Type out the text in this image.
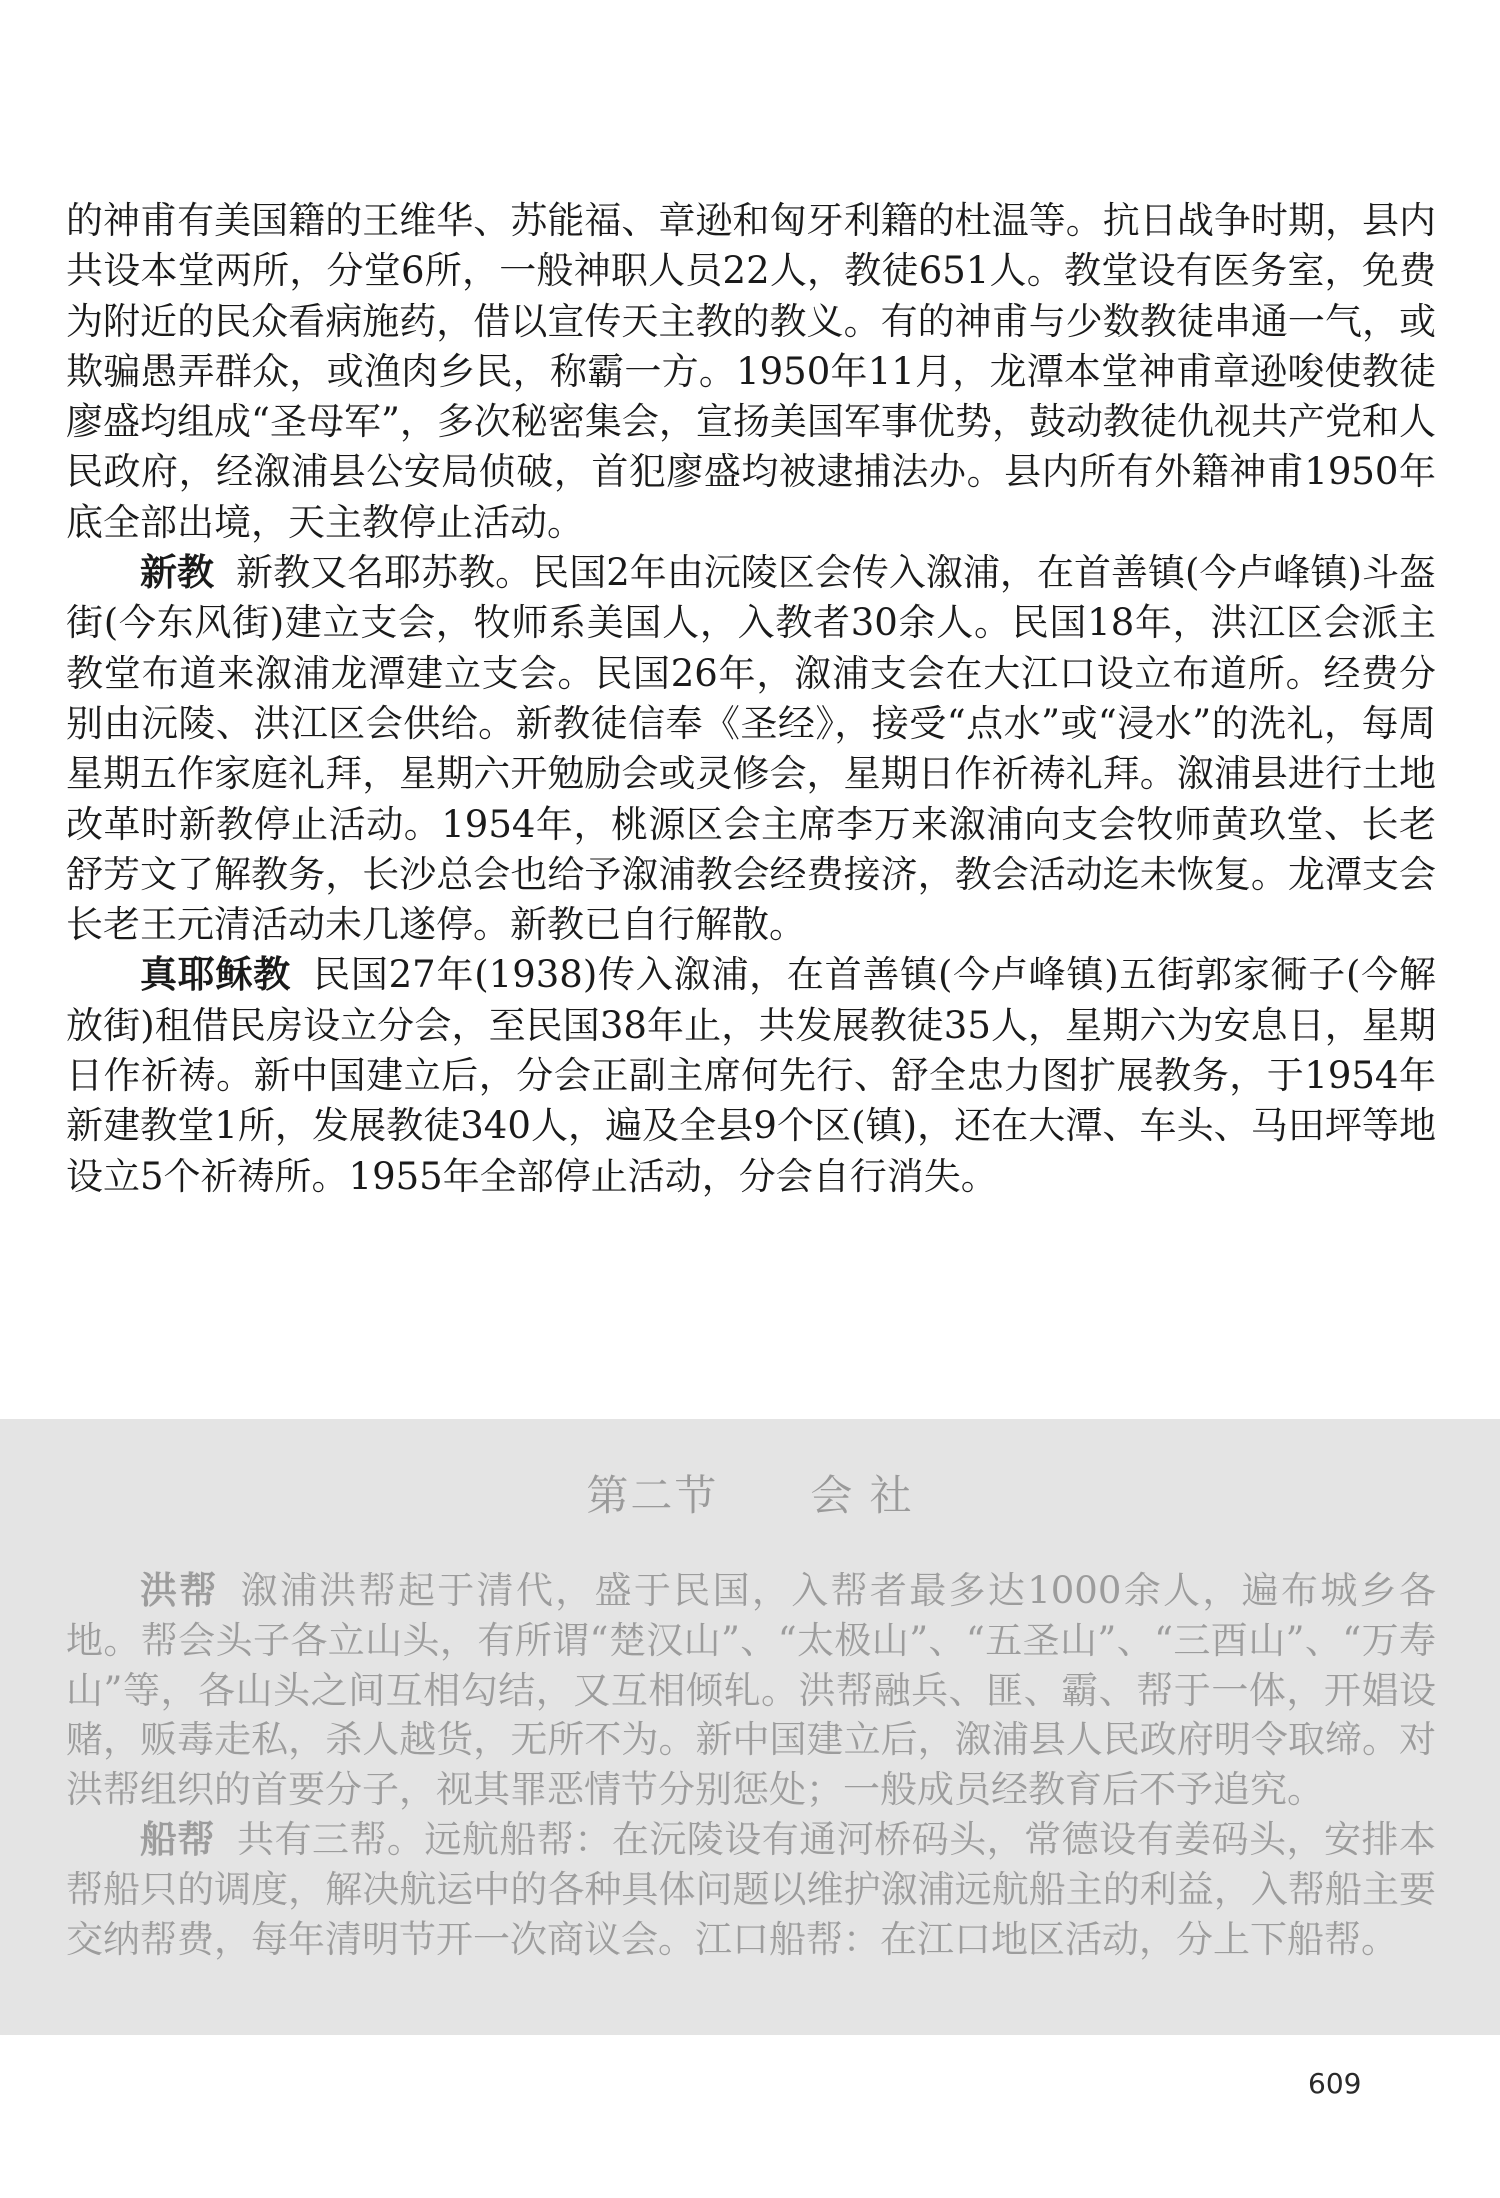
的神甫有美国籍的王维华、苏能福、章逊和匈牙利籍的杜温等。抗日战争时期，县内共设本堂两所，分堂6所，一般神职人员22人，教徒651人。教堂设有医务室，免费为附近的民众看病施药，借以宣传天主教的教义。有的神甫与少数教徒串通一气，或欺骗愚弄群众，或渔肉乡民，称霸一方。1950年11月，龙潭本堂神甫章逊唆使教徒廖盛均组成“圣母军”，多次秘密集会，宣扬美国军事优势，鼓动教徒仇视共产党和人民政府，经溆浦县公安局侦破，首犯廖盛均被逮捕法办。县内所有外籍神甫1950年底全部出境，天主教停止活动。

新教 新教又名耶苏教。民国2年由沅陵区会传入溆浦，在首善镇(今卢峰镇)斗盔街(今东风街)建立支会，牧师系美国人，入教者30余人。民国18年，洪江区会派主教堂布道来溆浦龙潭建立支会。民国26年，溆浦支会在大江口设立布道所。经费分别由沅陵、洪江区会供给。新教徒信奉《圣经》，接受“点水”或“浸水”的洗礼，每周星期五作家庭礼拜，星期六开勉励会或灵修会，星期日作祈祷礼拜。溆浦县进行土地改革时新教停止活动。1954年，桃源区会主席李万来溆浦向支会牧师黄玖堂、长老舒芳文了解教务，长沙总会也给予溆浦教会经费接济，教会活动迄未恢复。龙潭支会长老王元清活动未几遂停。新教已自行解散。

真耶稣教 民国27年(1938)传入溆浦，在首善镇(今卢峰镇)五街郭家衕子(今解放街)租借民房设立分会，至民国38年止，共发展教徒35人，星期六为安息日，星期日作祈祷。新中国建立后，分会正副主席何先行、舒全忠力图扩展教务，于1954年新建教堂1所，发展教徒340人，遍及全县9个区(镇)，还在大潭、车头、马田坪等地设立5个祈祷所。1955年全部停止活动，分会自行消失。

第二节 会 社

洪帮 溆浦洪帮起于清代，盛于民国，入帮者最多达1000余人，遍布城乡各地。帮会头子各立山头，有所谓“楚汉山”、“太极山”、“五圣山”、“三酉山”、“万寿山”等，各山头之间互相勾结，又互相倾轧。洪帮融兵、匪、霸、帮于一体，开娼设赌，贩毒走私，杀人越货，无所不为。新中国建立后，溆浦县人民政府明令取缔。对洪帮组织的首要分子，视其罪恶情节分别惩处；一般成员经教育后不予追究。

船帮 共有三帮。远航船帮：在沅陵设有通河桥码头，常德设有姜码头，安排本帮船只的调度，解决航运中的各种具体问题以维护溆浦远航船主的利益，入帮船主要交纳帮费，每年清明节开一次商议会。江口船帮：在江口地区活动，分上下船帮。

609
